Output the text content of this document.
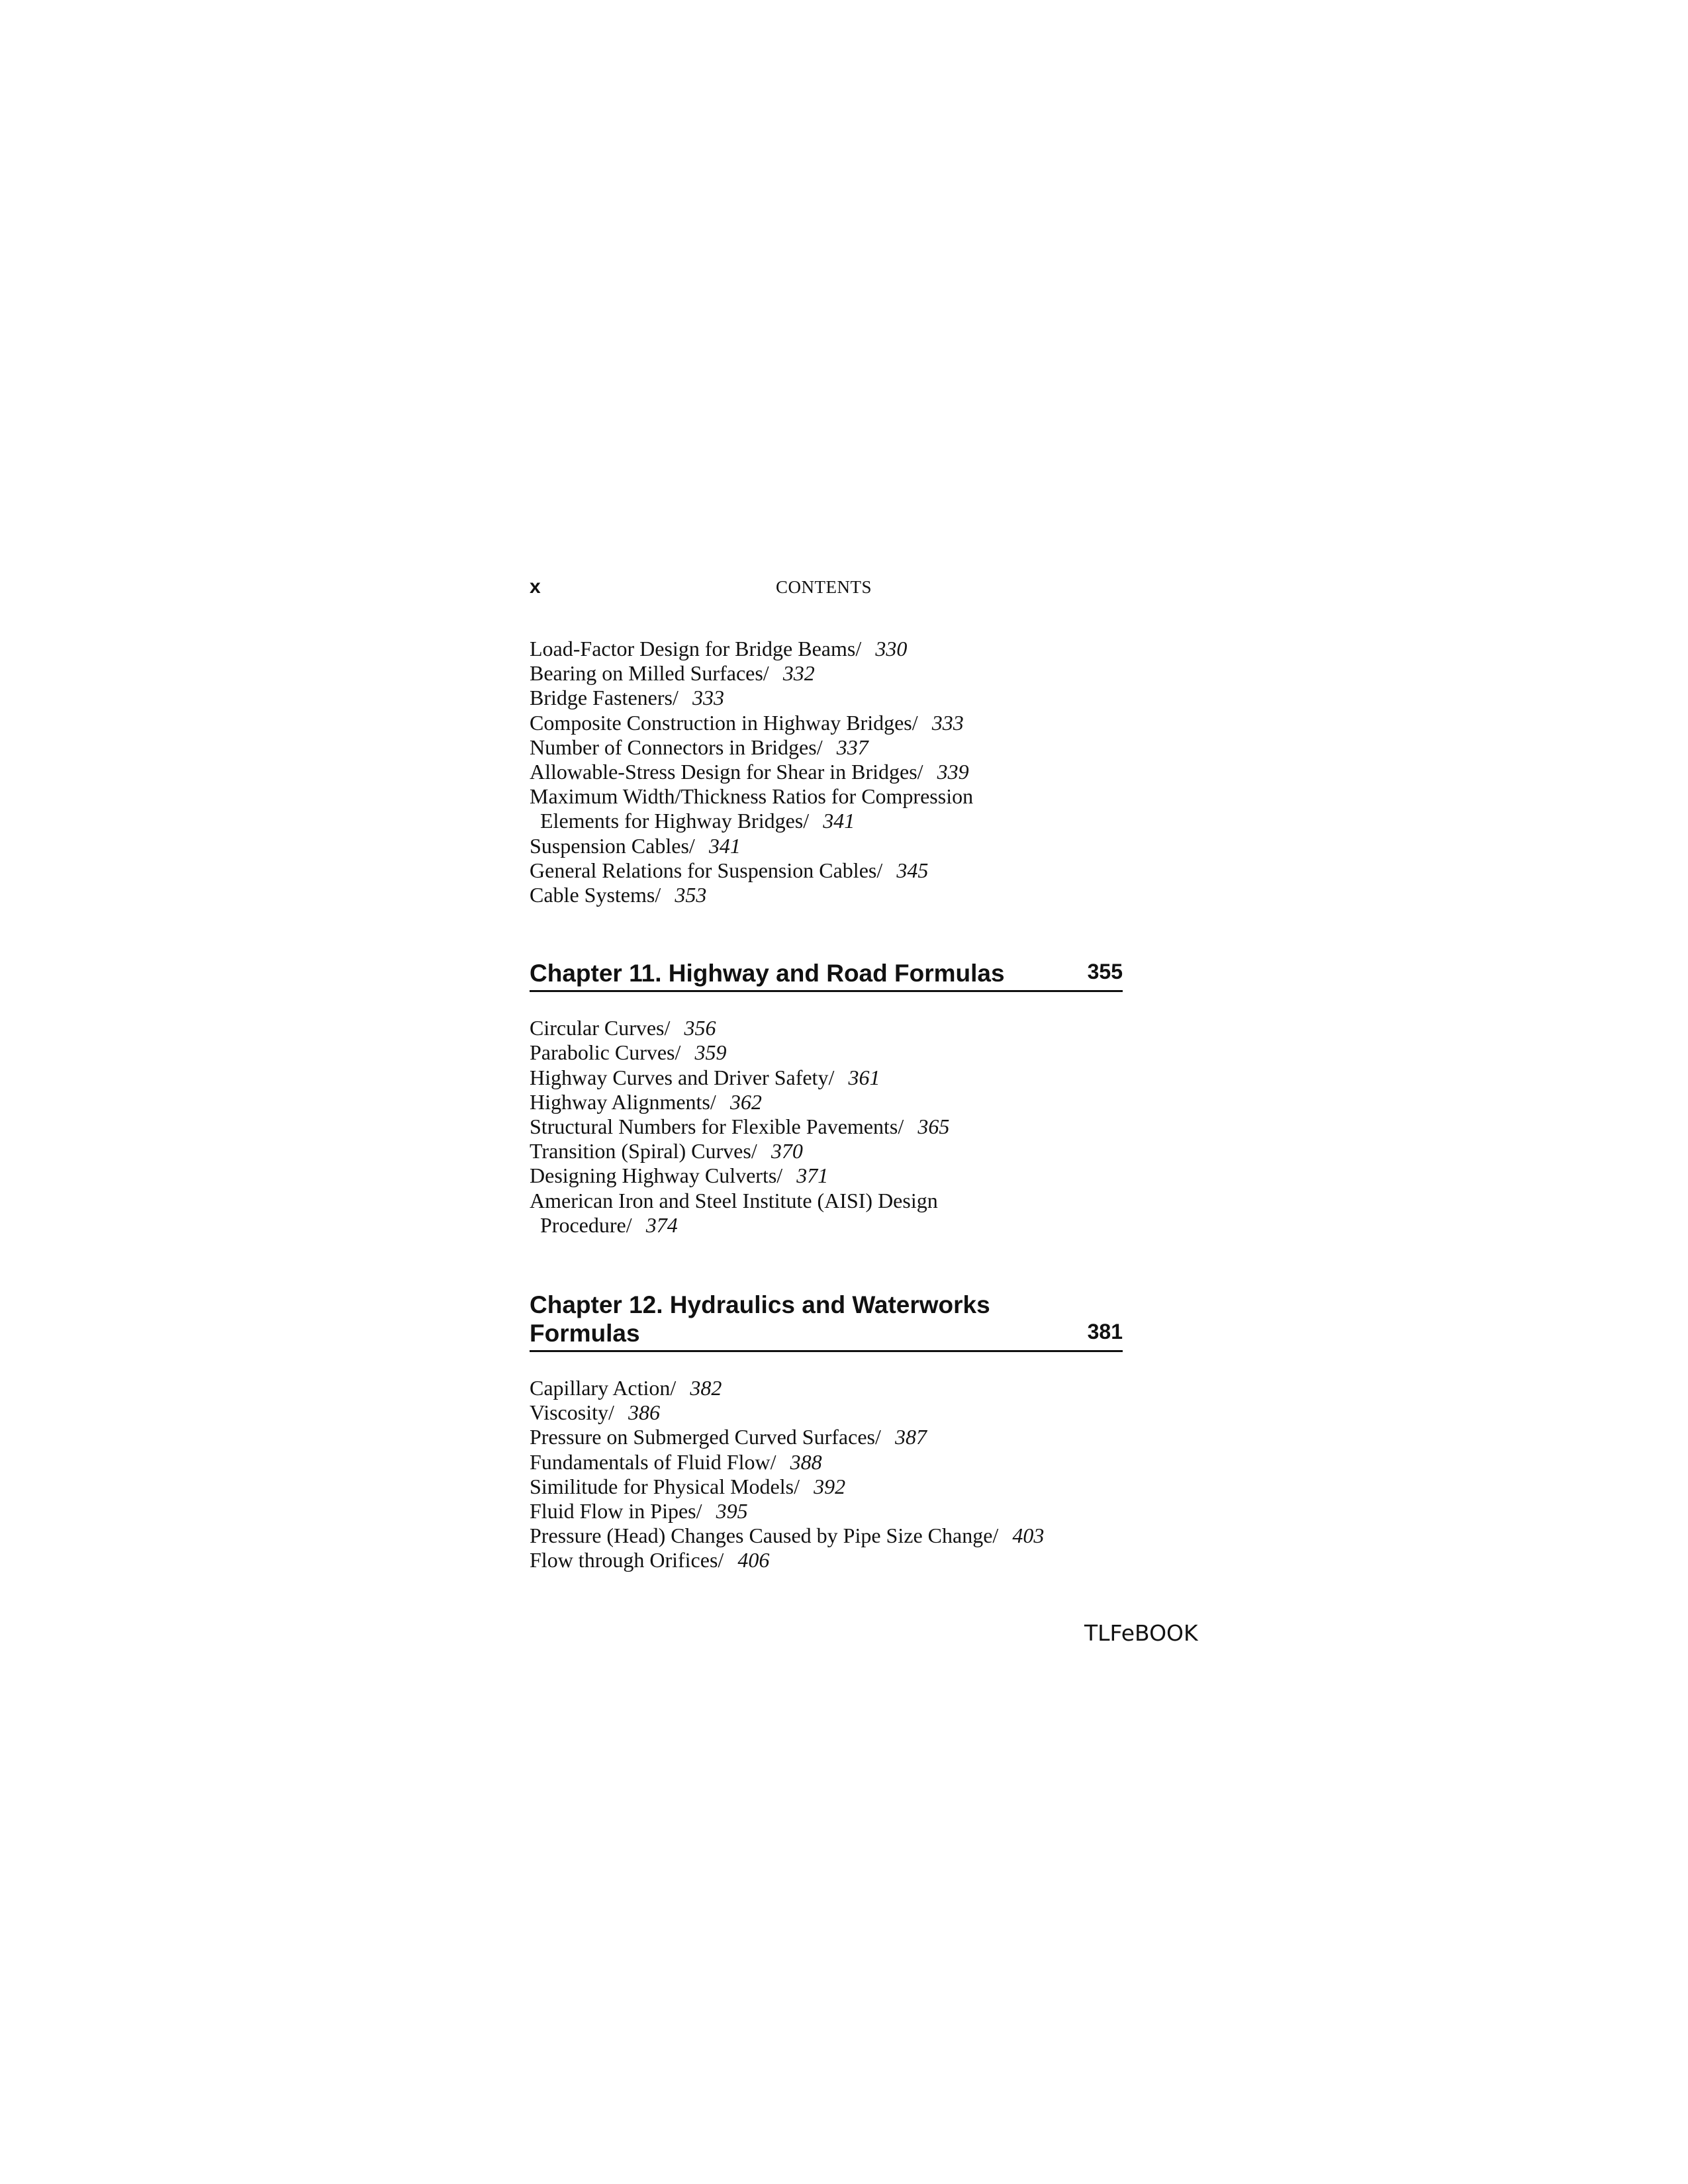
x	CONTENTS
Load-Factor Design for Bridge Beams/ 330
Bearing on Milled Surfaces/ 332
Bridge Fasteners/ 333
Composite Construction in Highway Bridges/ 333
Number of Connectors in Bridges/ 337
Allowable-Stress Design for Shear in Bridges/ 339
Maximum Width/Thickness Ratios for Compression Elements for Highway Bridges/ 341
Suspension Cables/ 341
General Relations for Suspension Cables/ 345
Cable Systems/ 353
Chapter 11. Highway and Road Formulas	355
Circular Curves/ 356
Parabolic Curves/ 359
Highway Curves and Driver Safety/ 361
Highway Alignments/ 362
Structural Numbers for Flexible Pavements/ 365
Transition (Spiral) Curves/ 370
Designing Highway Culverts/ 371
American Iron and Steel Institute (AISI) Design Procedure/ 374
Chapter 12. Hydraulics and Waterworks
Formulas	381
Capillary Action/ 382
Viscosity/ 386
Pressure on Submerged Curved Surfaces/ 387
Fundamentals of Fluid Flow/ 388
Similitude for Physical Models/ 392
Fluid Flow in Pipes/ 395
Pressure (Head) Changes Caused by Pipe Size Change/ 403
Flow through Orifices/ 406
TLFeBOOK
